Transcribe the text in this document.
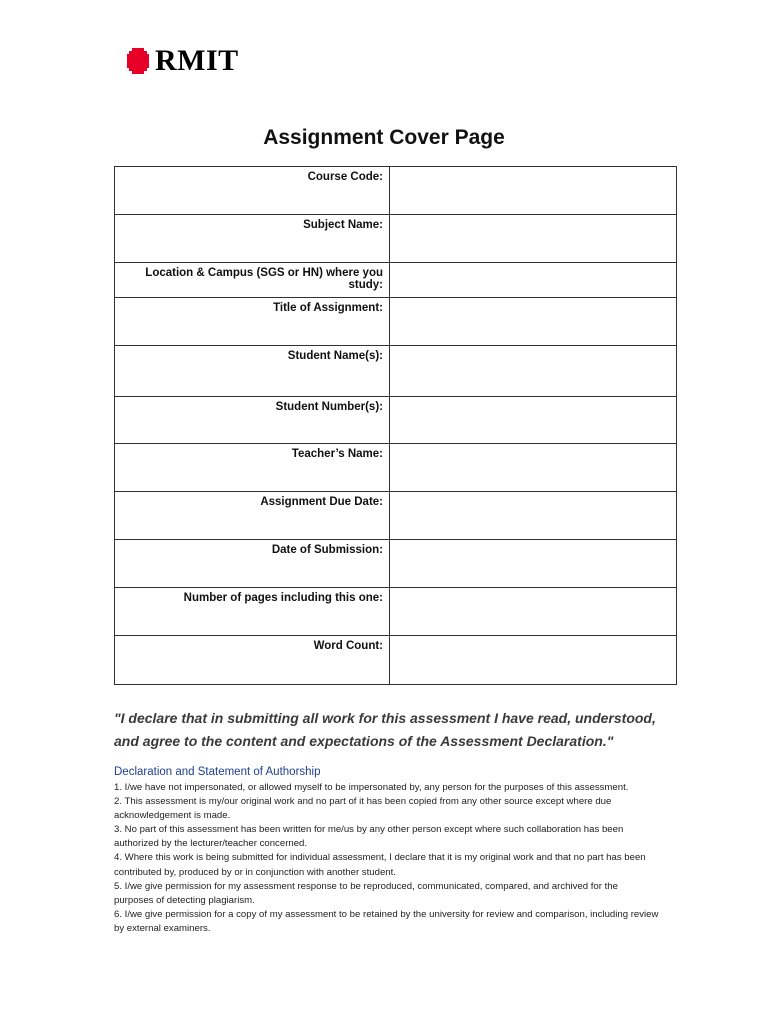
RMIT
Assignment Cover Page
Course Code:	
Subject Name:	
Location & Campus (SGS or HN) where you study:	
Title of Assignment:	
Student Name(s):	
Student Number(s):	
Teacher’s Name:	
Assignment Due Date:	
Date of Submission:	
Number of pages including this one:	
Word Count:	
"I declare that in submitting all work for this assessment I have read, understood, and agree to the content and expectations of the Assessment Declaration."
Declaration and Statement of Authorship
1. I/we have not impersonated, or allowed myself to be impersonated by, any person for the purposes of this assessment.
2. This assessment is my/our original work and no part of it has been copied from any other source except where due acknowledgement is made.
3. No part of this assessment has been written for me/us by any other person except where such collaboration has been authorized by the lecturer/teacher concerned.
4. Where this work is being submitted for individual assessment, I declare that it is my original work and that no part has been contributed by, produced by or in conjunction with another student.
5. I/we give permission for my assessment response to be reproduced, communicated, compared, and archived for the purposes of detecting plagiarism.
6. I/we give permission for a copy of my assessment to be retained by the university for review and comparison, including review by external examiners.
